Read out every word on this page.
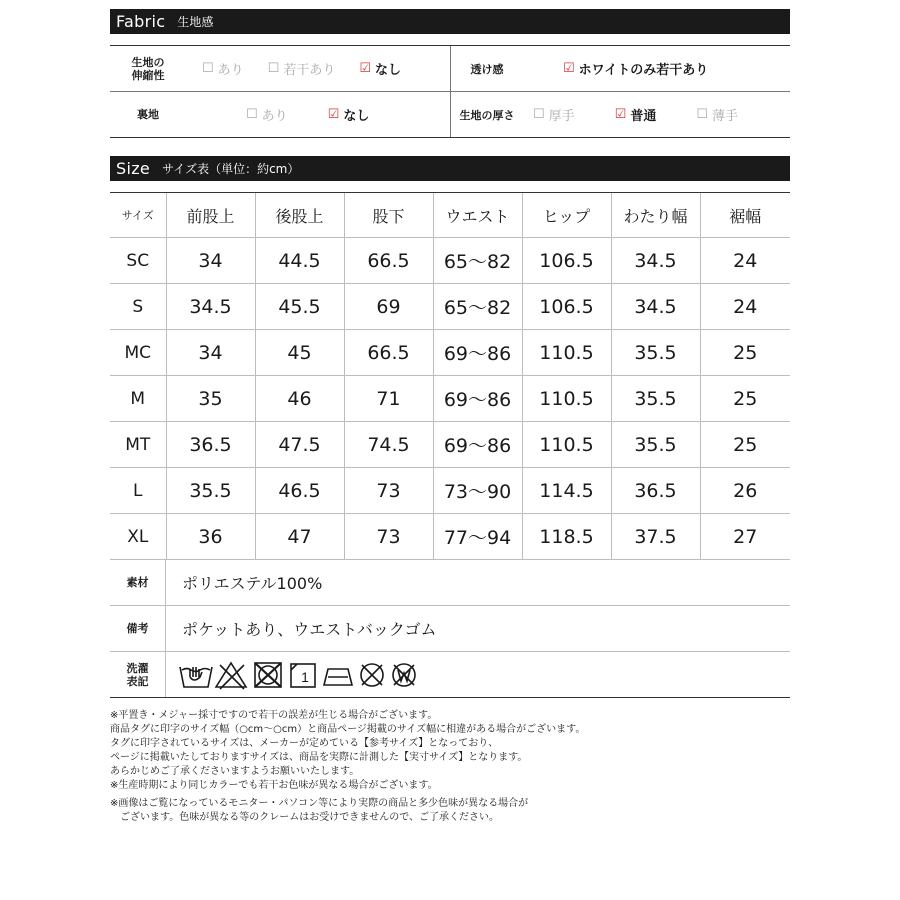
Fabric 生地感
生地の伸縮性	☐ あり ☐ 若干あり ☑ なし	透け感	☑ ホワイトのみ若干あり
裏地	☐ あり	☑ なし	生地の厚さ	☐ 厚手	☑ 普通	☐ 薄手
Size サイズ表（単位：約cm）
サイズ	前股上	後股上	股下	ウエスト	ヒップ	わたり幅	裾幅
SC	34	44.5	66.5	65〜82	106.5	34.5	24
S	34.5	45.5	69	65〜82	106.5	34.5	24
MC	34	45	66.5	69〜86	110.5	35.5	25
M	35	46	71	69〜86	110.5	35.5	25
MT	36.5	47.5	74.5	69〜86	110.5	35.5	25
L	35.5	46.5	73	73〜90	114.5	36.5	26
XL	36	47	73	77〜94	118.5	37.5	27
素材	ポリエステル100%
備考	ポケットあり、ウエストバックゴム
洗濯表記	1

※平置き・メジャー採寸ですので若干の誤差が生じる場合がございます。

商品タグに印字のサイズ幅（○cm〜○cm）と商品ページ掲載のサイズ幅に相違がある場合がございます。

タグに印字されているサイズは、メーカーが定めている【参考サイズ】となっており、

ページに掲載いたしておりますサイズは、商品を実際に計測した【実寸サイズ】となります。

あらかじめご了承くださいますようお願いいたします。

※生産時期により同じカラーでも若干お色味が異なる場合がございます。

※画像はご覧になっているモニター・パソコン等により実際の商品と多少色味が異なる場合が

ございます。色味が異なる等のクレームはお受けできませんので、ご了承ください。
